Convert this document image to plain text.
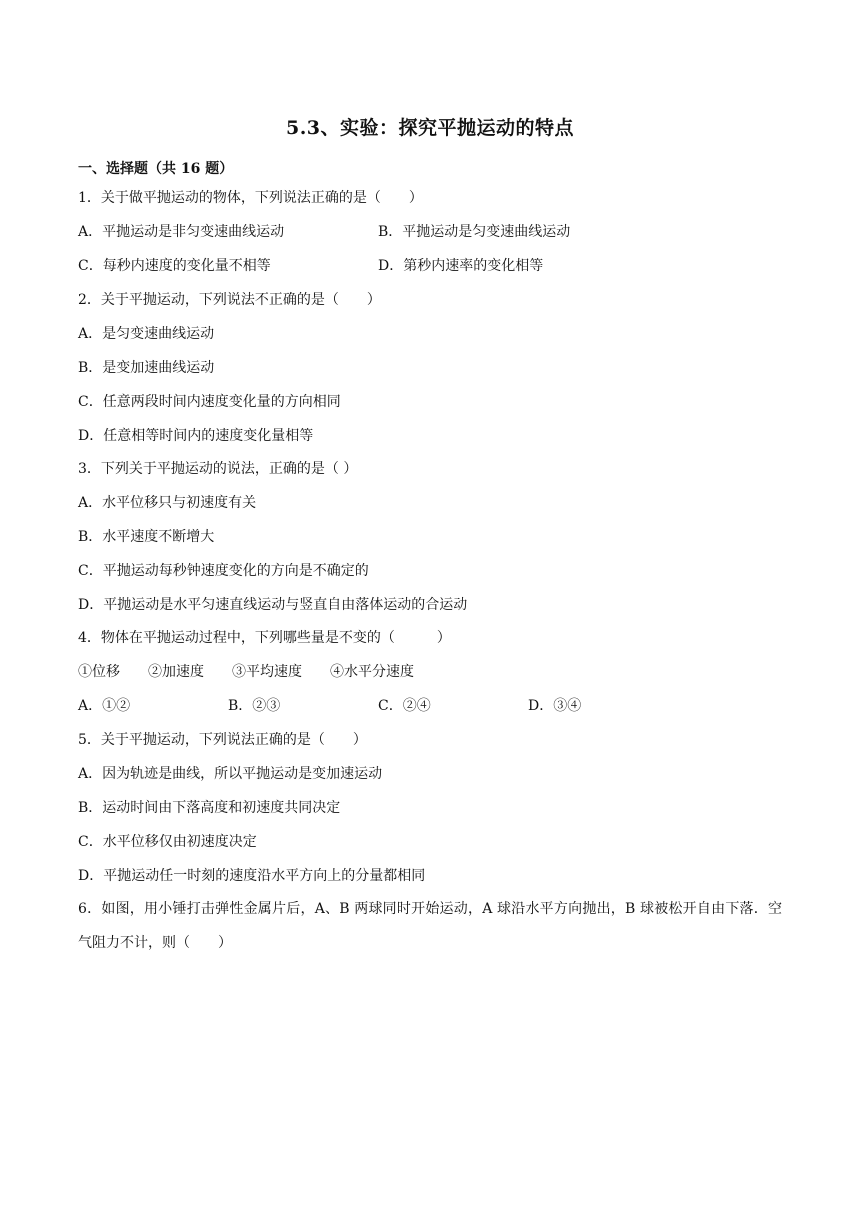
5.3、实验：探究平抛运动的特点
一、选择题（共 16 题）
1．关于做平抛运动的物体，下列说法正确的是（　　）
A．平抛运动是非匀变速曲线运动	B．平抛运动是匀变速曲线运动
C．每秒内速度的变化量不相等	D．第秒内速率的变化相等
2．关于平抛运动，下列说法不正确的是（　　）
A．是匀变速曲线运动
B．是变加速曲线运动
C．任意两段时间内速度变化量的方向相同
D．任意相等时间内的速度变化量相等
3．下列关于平抛运动的说法，正确的是（ ）
A．水平位移只与初速度有关
B．水平速度不断增大
C．平抛运动每秒钟速度变化的方向是不确定的
D．平抛运动是水平匀速直线运动与竖直自由落体运动的合运动
4．物体在平抛运动过程中，下列哪些量是不变的（　　　）
①位移　　②加速度　　③平均速度　　④水平分速度
A．①②	B．②③	C．②④	D．③④
5．关于平抛运动，下列说法正确的是（　　）
A．因为轨迹是曲线，所以平抛运动是变加速运动
B．运动时间由下落高度和初速度共同决定
C．水平位移仅由初速度决定
D．平抛运动任一时刻的速度沿水平方向上的分量都相同
6．如图，用小锤打击弹性金属片后，A、B 两球同时开始运动，A 球沿水平方向抛出，B 球被松开自由下落．空气阻力不计，则（　　）
